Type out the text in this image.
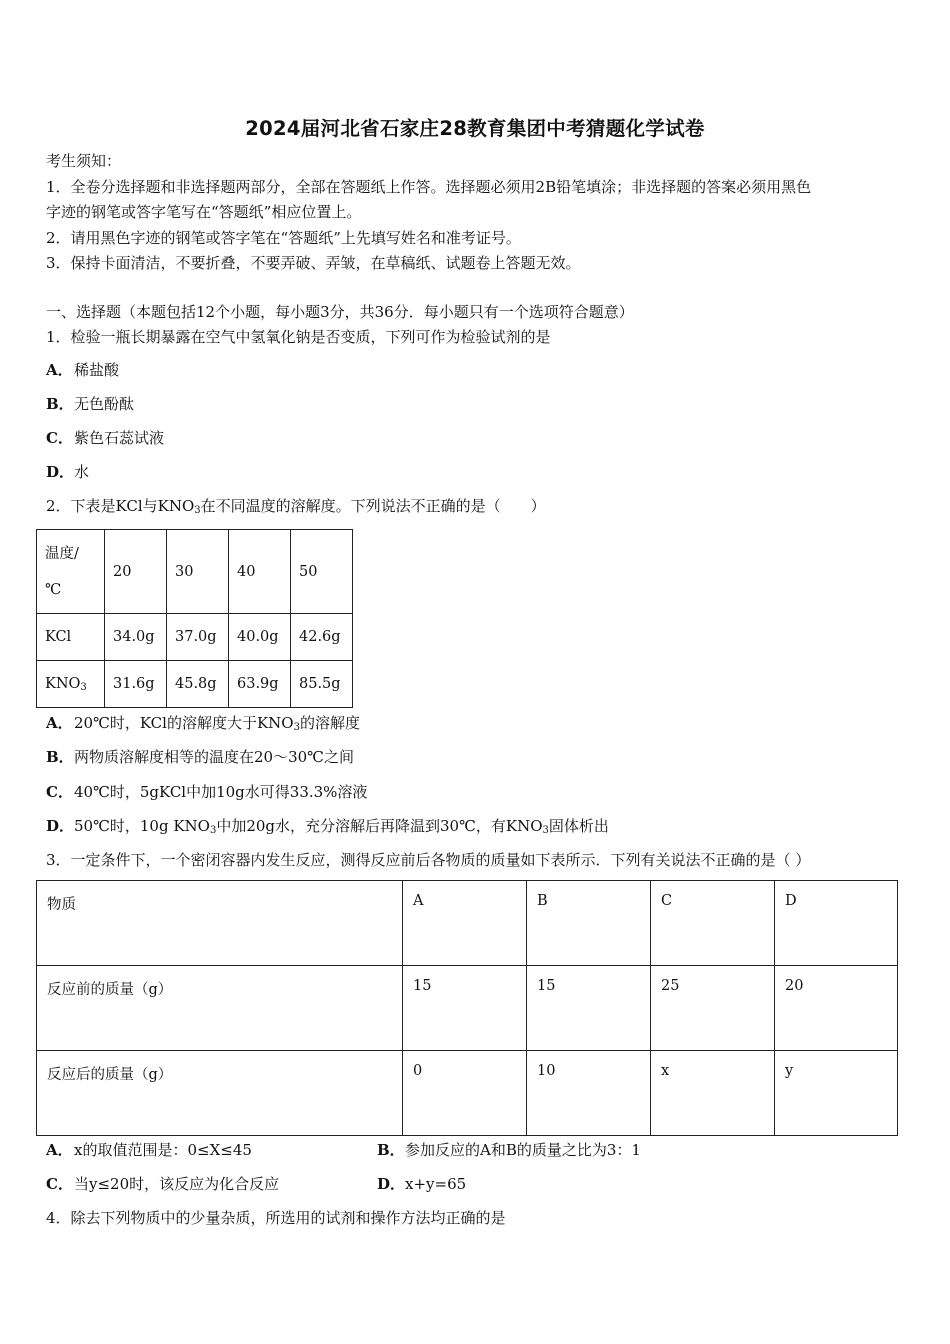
2024届河北省石家庄28教育集团中考猜题化学试卷
考生须知：
1．全卷分选择题和非选择题两部分，全部在答题纸上作答。选择题必须用2B铅笔填涂；非选择题的答案必须用黑色
字迹的钢笔或答字笔写在“答题纸”相应位置上。
2．请用黑色字迹的钢笔或答字笔在“答题纸”上先填写姓名和准考证号。
3．保持卡面清洁，不要折叠，不要弄破、弄皱，在草稿纸、试题卷上答题无效。
一、选择题（本题包括12个小题，每小题3分，共36分．每小题只有一个选项符合题意）
1．检验一瓶长期暴露在空气中氢氧化钠是否变质，下列可作为检验试剂的是
A．稀盐酸
B．无色酚酞
C．紫色石蕊试液
D．水
2．下表是KCl与$KNO_3$在不同温度的溶解度。下列说法不正确的是（　　）
温度/
℃	20	30	40	50
KCl	34.0g	37.0g	40.0g	42.6g
$KNO_3$	31.6g	45.8g	63.9g	85.5g
A．20℃时，KCl的溶解度大于$KNO_3$的溶解度
B．两物质溶解度相等的温度在20～30℃之间
C．40℃时，5gKCl中加10g水可得33.3%溶液
D．50℃时，10g $KNO_3$中加20g水，充分溶解后再降温到30℃，有$KNO_3$固体析出
3．一定条件下，一个密闭容器内发生反应，测得反应前后各物质的质量如下表所示．下列有关说法不正确的是（ ）
物质	A	B	C	D
反应前的质量（g）	15	15	25	20
反应后的质量（g）	0	10	x	y
A．x的取值范围是：0≤X≤45	B．参加反应的A和B的质量之比为3：1
C．当y≤20时，该反应为化合反应	D．x+y=65
4．除去下列物质中的少量杂质，所选用的试剂和操作方法均正确的是
